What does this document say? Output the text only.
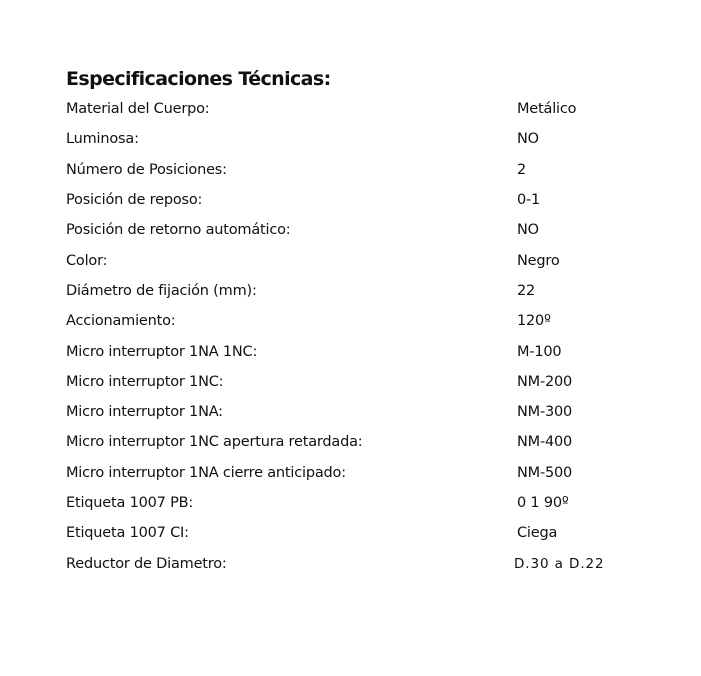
Especificaciones Técnicas:
Material del Cuerpo:	Metálico
Luminosa:	NO
Número de Posiciones:	2
Posición de reposo:	0-1
Posición de retorno automático:	NO
Color:	Negro
Diámetro de fijación (mm):	22
Accionamiento:	120º
Micro interruptor 1NA 1NC:	M-100
Micro interruptor 1NC:	NM-200
Micro interruptor 1NA:	NM-300
Micro interruptor 1NC apertura retardada:	NM-400
Micro interruptor 1NA cierre anticipado:	NM-500
Etiqueta 1007 PB:	0 1 90º
Etiqueta 1007 CI:	Ciega
Reductor de Diametro:	D.30 a D.22
